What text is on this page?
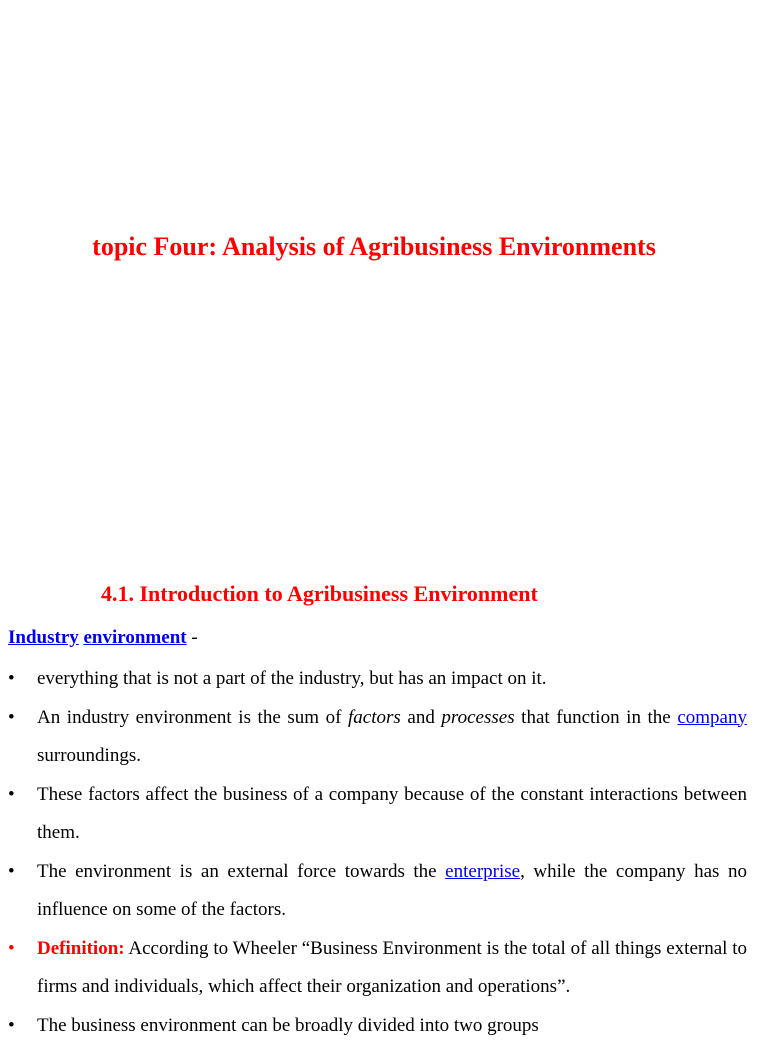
topic Four: Analysis of Agribusiness Environments
4.1. Introduction to Agribusiness Environment
Industry environment -
• everything that is not a part of the industry, but has an impact on it.
• An industry environment is the sum of factors and processes that function in the company surroundings.
• These factors affect the business of a company because of the constant interactions between them.
• The environment is an external force towards the enterprise, while the company has no influence on some of the factors.
• Definition: According to Wheeler “Business Environment is the total of all things external to firms and individuals, which affect their organization and operations”.
• The business environment can be broadly divided into two groups
